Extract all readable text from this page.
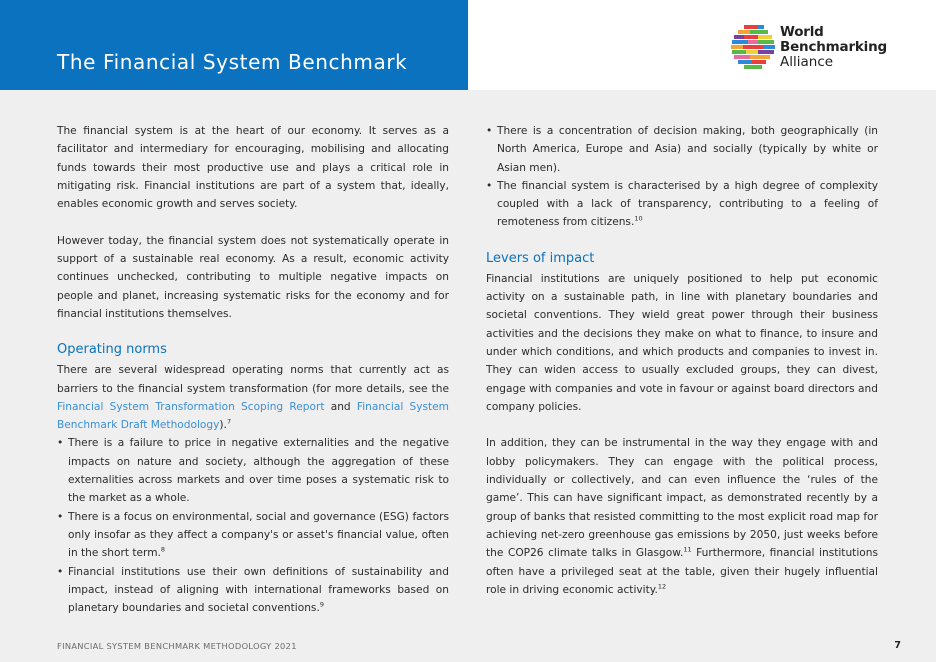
The Financial System Benchmark
World
Benchmarking
Alliance

The financial system is at the heart of our economy. It serves as a facilitator and intermediary for encouraging, mobilising and allocating funds towards their most productive use and plays a critical role in mitigating risk. Financial institutions are part of a system that, ideally, enables economic growth and serves society.

However today, the financial system does not systematically operate in support of a sustainable real economy. As a result, economic activity continues unchecked, contributing to multiple negative impacts on people and planet, increasing systematic risks for the economy and for financial institutions themselves.

Operating norms

There are several widespread operating norms that currently act as barriers to the financial system transformation (for more details, see the Financial System Transformation Scoping Report and Financial System Benchmark Draft Methodology).$^7$

• There is a failure to price in negative externalities and the negative impacts on nature and society, although the aggregation of these externalities across markets and over time poses a systematic risk to the market as a whole.
• There is a focus on environmental, social and governance (ESG) factors only insofar as they affect a company's or asset's financial value, often in the short term.$^8$
• Financial institutions use their own definitions of sustainability and impact, instead of aligning with international frameworks based on planetary boundaries and societal conventions.$^9$
• There is a concentration of decision making, both geographically (in North America, Europe and Asia) and socially (typically by white or Asian men).
• The financial system is characterised by a high degree of complexity coupled with a lack of transparency, contributing to a feeling of remoteness from citizens.$^{10}$
Levers of impact

Financial institutions are uniquely positioned to help put economic activity on a sustainable path, in line with planetary boundaries and societal conventions. They wield great power through their business activities and the decisions they make on what to finance, to insure and under which conditions, and which products and companies to invest in. They can widen access to usually excluded groups, they can divest, engage with companies and vote in favour or against board directors and company policies.

In addition, they can be instrumental in the way they engage with and lobby policymakers. They can engage with the political process, individually or collectively, and can even influence the ‘rules of the game’. This can have significant impact, as demonstrated recently by a group of banks that resisted committing to the most explicit road map for achieving net-zero greenhouse gas emissions by 2050, just weeks before the COP26 climate talks in Glasgow.$^{11}$ Furthermore, financial institutions often have a privileged seat at the table, given their hugely influential role in driving economic activity.$^{12}$

FINANCIAL SYSTEM BENCHMARK METHODOLOGY 2021	7
